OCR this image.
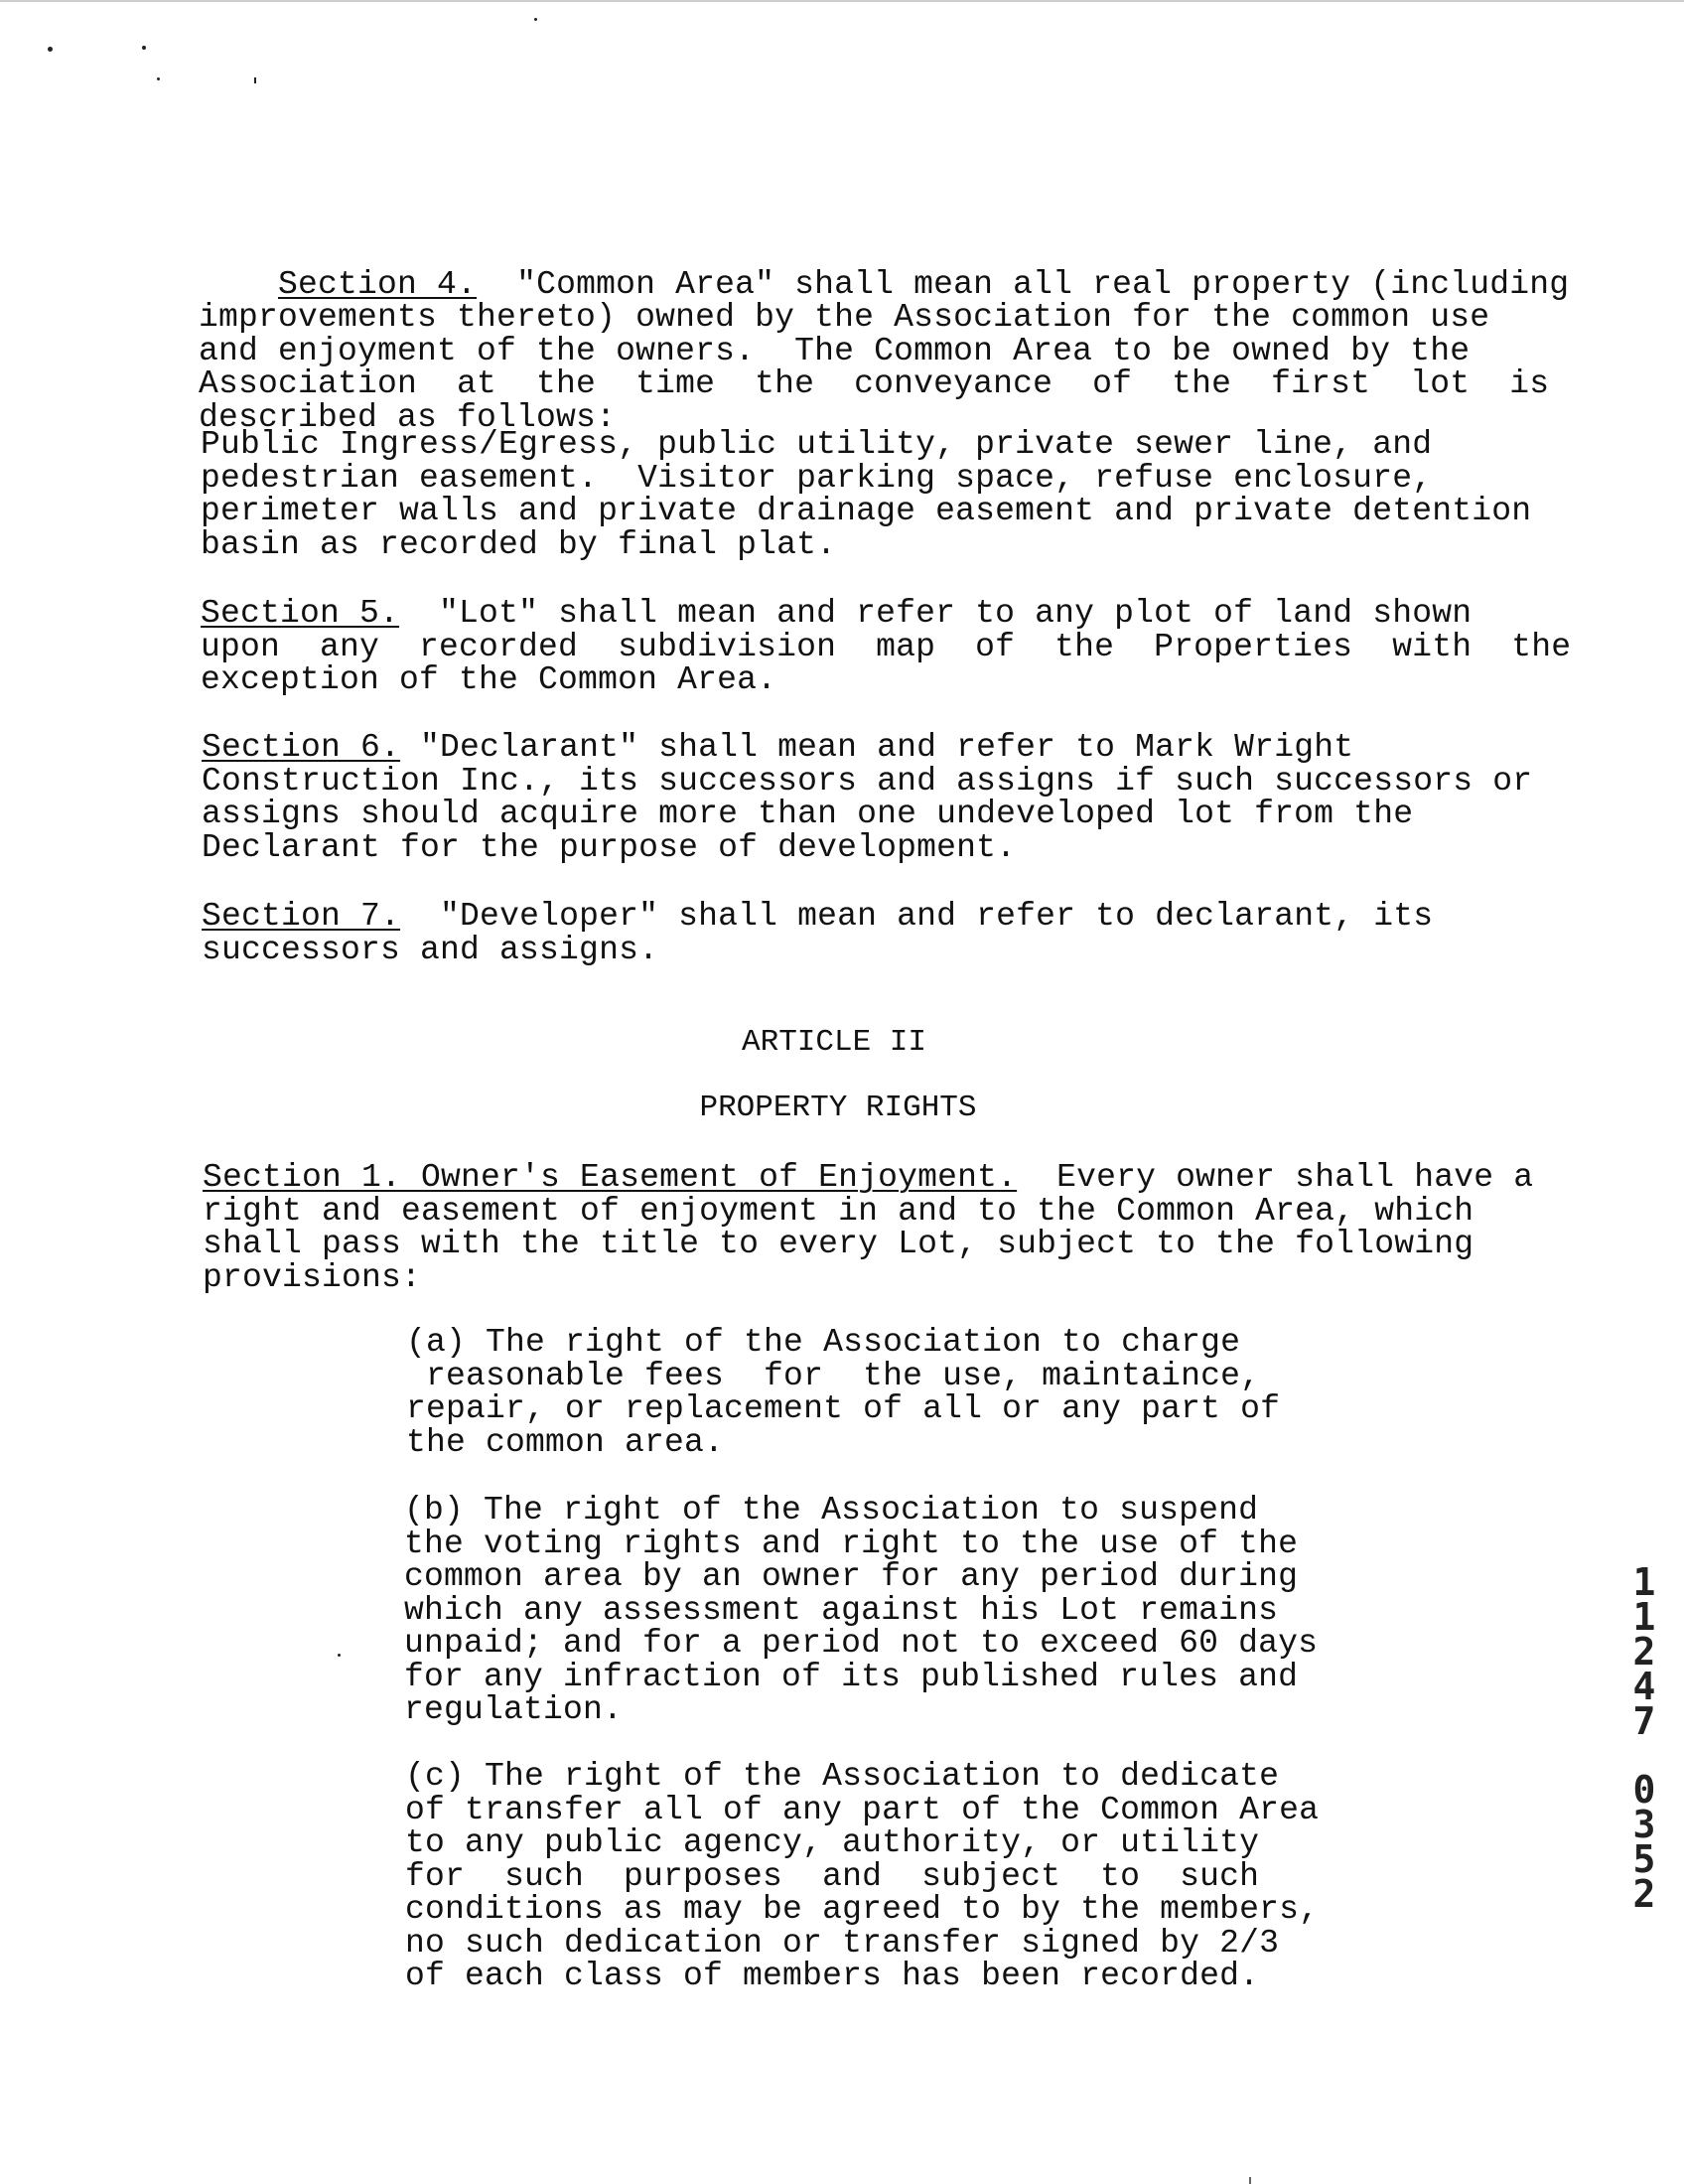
Section 4.  "Common Area" shall mean all real property (including
improvements thereto) owned by the Association for the common use
and enjoyment of the owners.  The Common Area to be owned by the
Association  at  the  time  the  conveyance  of  the  first  lot  is
described as follows:
Public Ingress/Egress, public utility, private sewer line, and
pedestrian easement.  Visitor parking space, refuse enclosure,
perimeter walls and private drainage easement and private detention
basin as recorded by final plat.
Section 5.  "Lot" shall mean and refer to any plot of land shown
upon  any  recorded  subdivision  map  of  the  Properties  with  the
exception of the Common Area.
Section 6. "Declarant" shall mean and refer to Mark Wright
Construction Inc., its successors and assigns if such successors or
assigns should acquire more than one undeveloped lot from the
Declarant for the purpose of development.
Section 7.  "Developer" shall mean and refer to declarant, its
successors and assigns.
ARTICLE II
PROPERTY RIGHTS
Section 1. Owner's Easement of Enjoyment.  Every owner shall have a
right and easement of enjoyment in and to the Common Area, which
shall pass with the title to every Lot, subject to the following
provisions:
(a) The right of the Association to charge
reasonable fees  for  the use, maintaince,
repair, or replacement of all or any part of
the common area.
(b) The right of the Association to suspend
the voting rights and right to the use of the
common area by an owner for any period during
which any assessment against his Lot remains
unpaid; and for a period not to exceed 60 days
for any infraction of its published rules and
regulation.
(c) The right of the Association to dedicate
of transfer all of any part of the Common Area
to any public agency, authority, or utility
for  such  purposes  and  subject  to  such
conditions as may be agreed to by the members,
no such dedication or transfer signed by 2/3
of each class of members has been recorded.
1
1
2
4
7
0
3
5
2
